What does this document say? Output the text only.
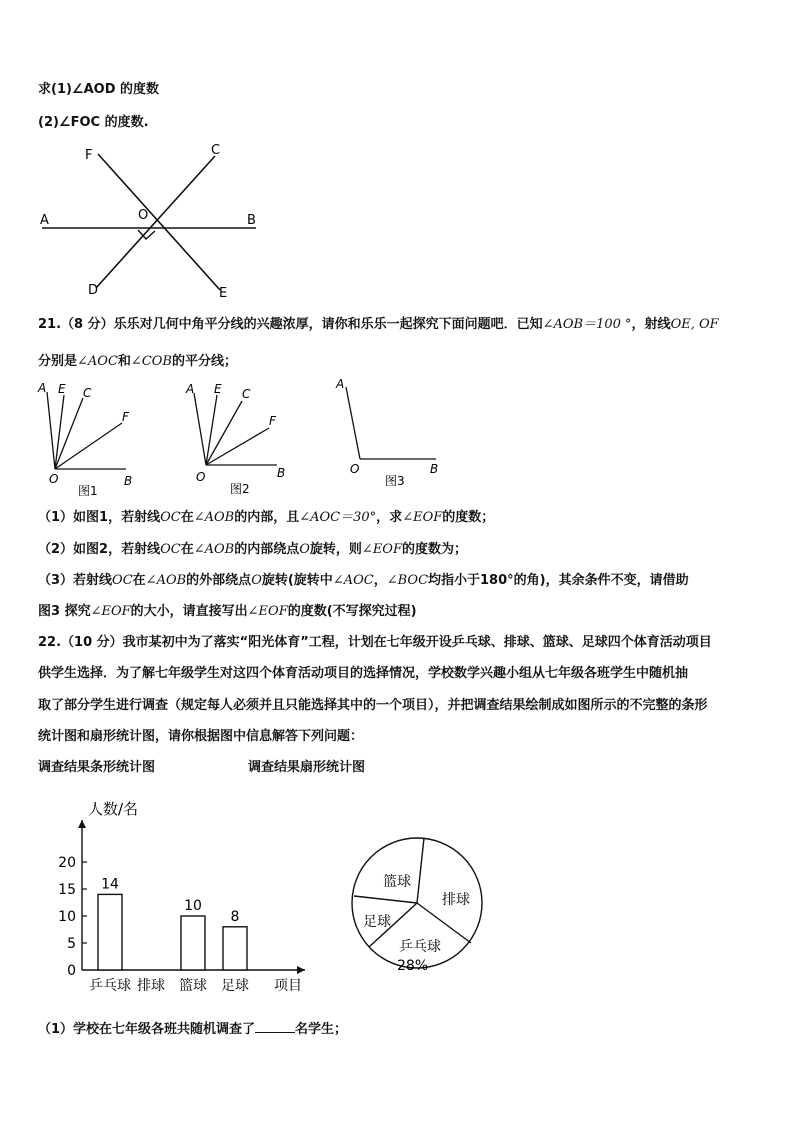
求(1)∠AOD 的度数
(2)∠FOC 的度数.
A	B
C
D	E
F
O
21.（8 分）乐乐对几何中角平分线的兴趣浓厚，请你和乐乐一起探究下面问题吧．已知∠AOB＝100 °，射线OE, OF
分别是∠AOC和∠COB的平分线；
A E C
F
O	B
图1
A E C
F
O	B
图2
A
O	B
图3
（1）如图1，若射线OC在∠AOB的内部，且∠AOC＝30°，求∠EOF的度数；
（2）如图2，若射线OC在∠AOB的内部绕点O旋转，则∠EOF的度数为；
（3）若射线OC在∠AOB的外部绕点O旋转(旋转中∠AOC，∠BOC均指小于180°的角)，其余条件不变，请借助
图3 探究∠EOF的大小，请直接写出∠EOF的度数(不写探究过程)
22.（10 分）我市某初中为了落实“阳光体育”工程，计划在七年级开设乒乓球、排球、篮球、足球四个体育活动项目
供学生选择．为了解七年级学生对这四个体育活动项目的选择情况，学校数学兴趣小组从七年级各班学生中随机抽
取了部分学生进行调查（规定每人必须并且只能选择其中的一个项目），并把调查结果绘制成如图所示的不完整的条形
统计图和扇形统计图，请你根据图中信息解答下列问题：
调查结果条形统计图	调查结果扇形统计图
人数/名
0
5
10
15
20
乒乓球
14
排球 篮球
10
足球
8
项目
篮球
排球
乒乓球
足球
28%
（1）学校在七年级各班共随机调查了	名学生；
